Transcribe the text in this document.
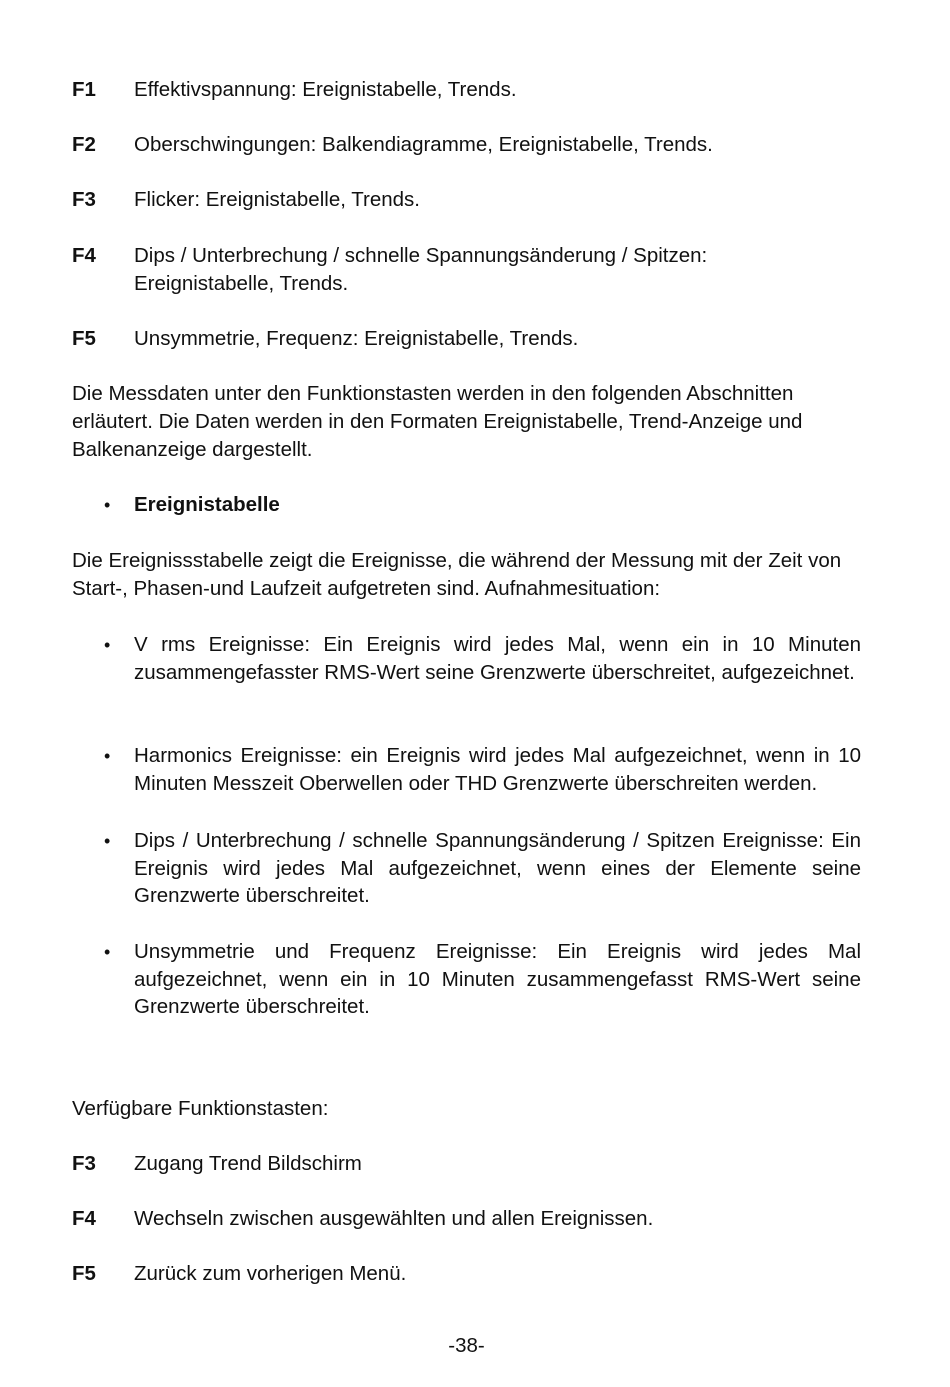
F1 Effektivspannung: Ereignistabelle, Trends.
F2 Oberschwingungen: Balkendiagramme, Ereignistabelle, Trends.
F3 Flicker: Ereignistabelle, Trends.
F4 Dips / Unterbrechung / schnelle Spannungsänderung / Spitzen:
Ereignistabelle, Trends.
F5 Unsymmetrie, Frequenz: Ereignistabelle, Trends.
Die Messdaten unter den Funktionstasten werden in den folgenden Abschnitten
erläutert. Die Daten werden in den Formaten Ereignistabelle, Trend-Anzeige und
Balkenanzeige dargestellt.
• Ereignistabelle
Die Ereignissstabelle zeigt die Ereignisse, die während der Messung mit der Zeit von
Start-, Phasen-und Laufzeit aufgetreten sind. Aufnahmesituation:
• V rms Ereignisse: Ein Ereignis wird jedes Mal, wenn ein in 10 Minuten zusammengefasster RMS-Wert seine Grenzwerte überschreitet, aufgezeichnet.
• Harmonics Ereignisse: ein Ereignis wird jedes Mal aufgezeichnet, wenn in 10 Minuten Messzeit Oberwellen oder THD Grenzwerte überschreiten werden.
• Dips / Unterbrechung / schnelle Spannungsänderung / Spitzen Ereignisse: Ein Ereignis wird jedes Mal aufgezeichnet, wenn eines der Elemente seine Grenzwerte überschreitet.
• Unsymmetrie und Frequenz Ereignisse: Ein Ereignis wird jedes Mal aufgezeichnet, wenn ein in 10 Minuten zusammengefasst RMS-Wert seine Grenzwerte überschreitet.
Verfügbare Funktionstasten:
F3 Zugang Trend Bildschirm
F4 Wechseln zwischen ausgewählten und allen Ereignissen.
F5 Zurück zum vorherigen Menü.
-38-
